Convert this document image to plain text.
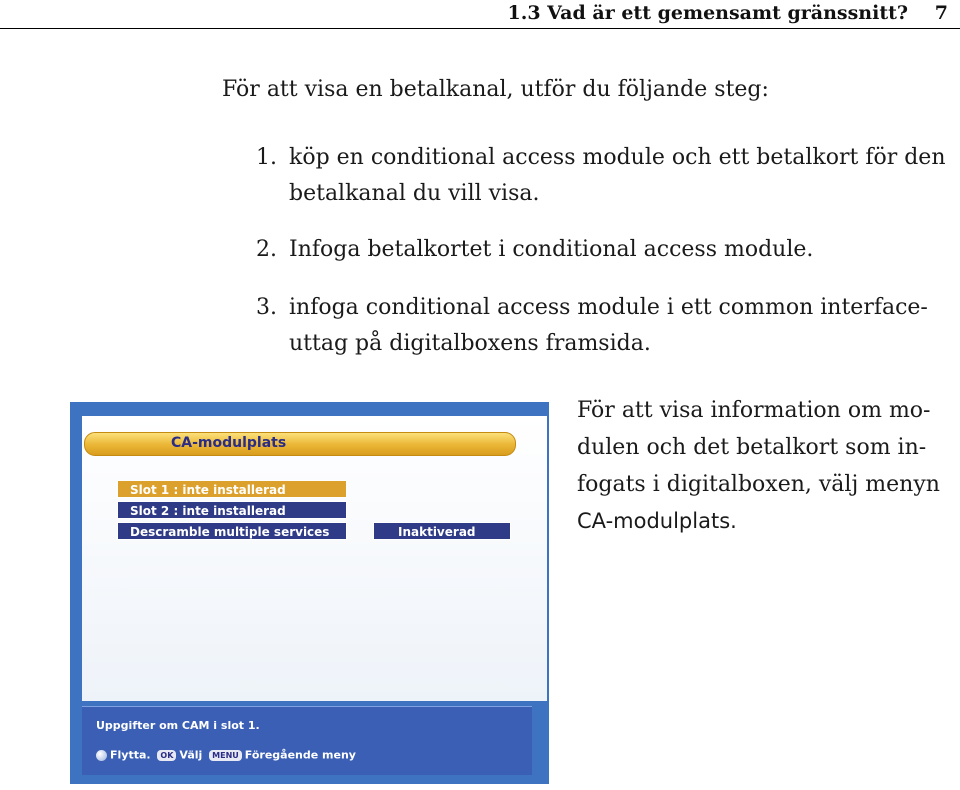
1.3 Vad är ett gemensamt gränssnitt? 7
För att visa en betalkanal, utför du följande steg:
1. köp en conditional access module och ett betalkort för den betalkanal du vill visa.
2. Infoga betalkortet i conditional access module.
3. infoga conditional access module i ett common interface-uttag på digitalboxens framsida.
För att visa information om mo-
dulen och det betalkort som in-
fogats i digitalboxen, välj menyn
CA-modulplats.
CA-modulplats
Slot 1 : inte installerad
Slot 2 : inte installerad
Descramble multiple services	Inaktiverad
Uppgifter om CAM i slot 1.
Flytta. OK Välj MENU Föregående meny
